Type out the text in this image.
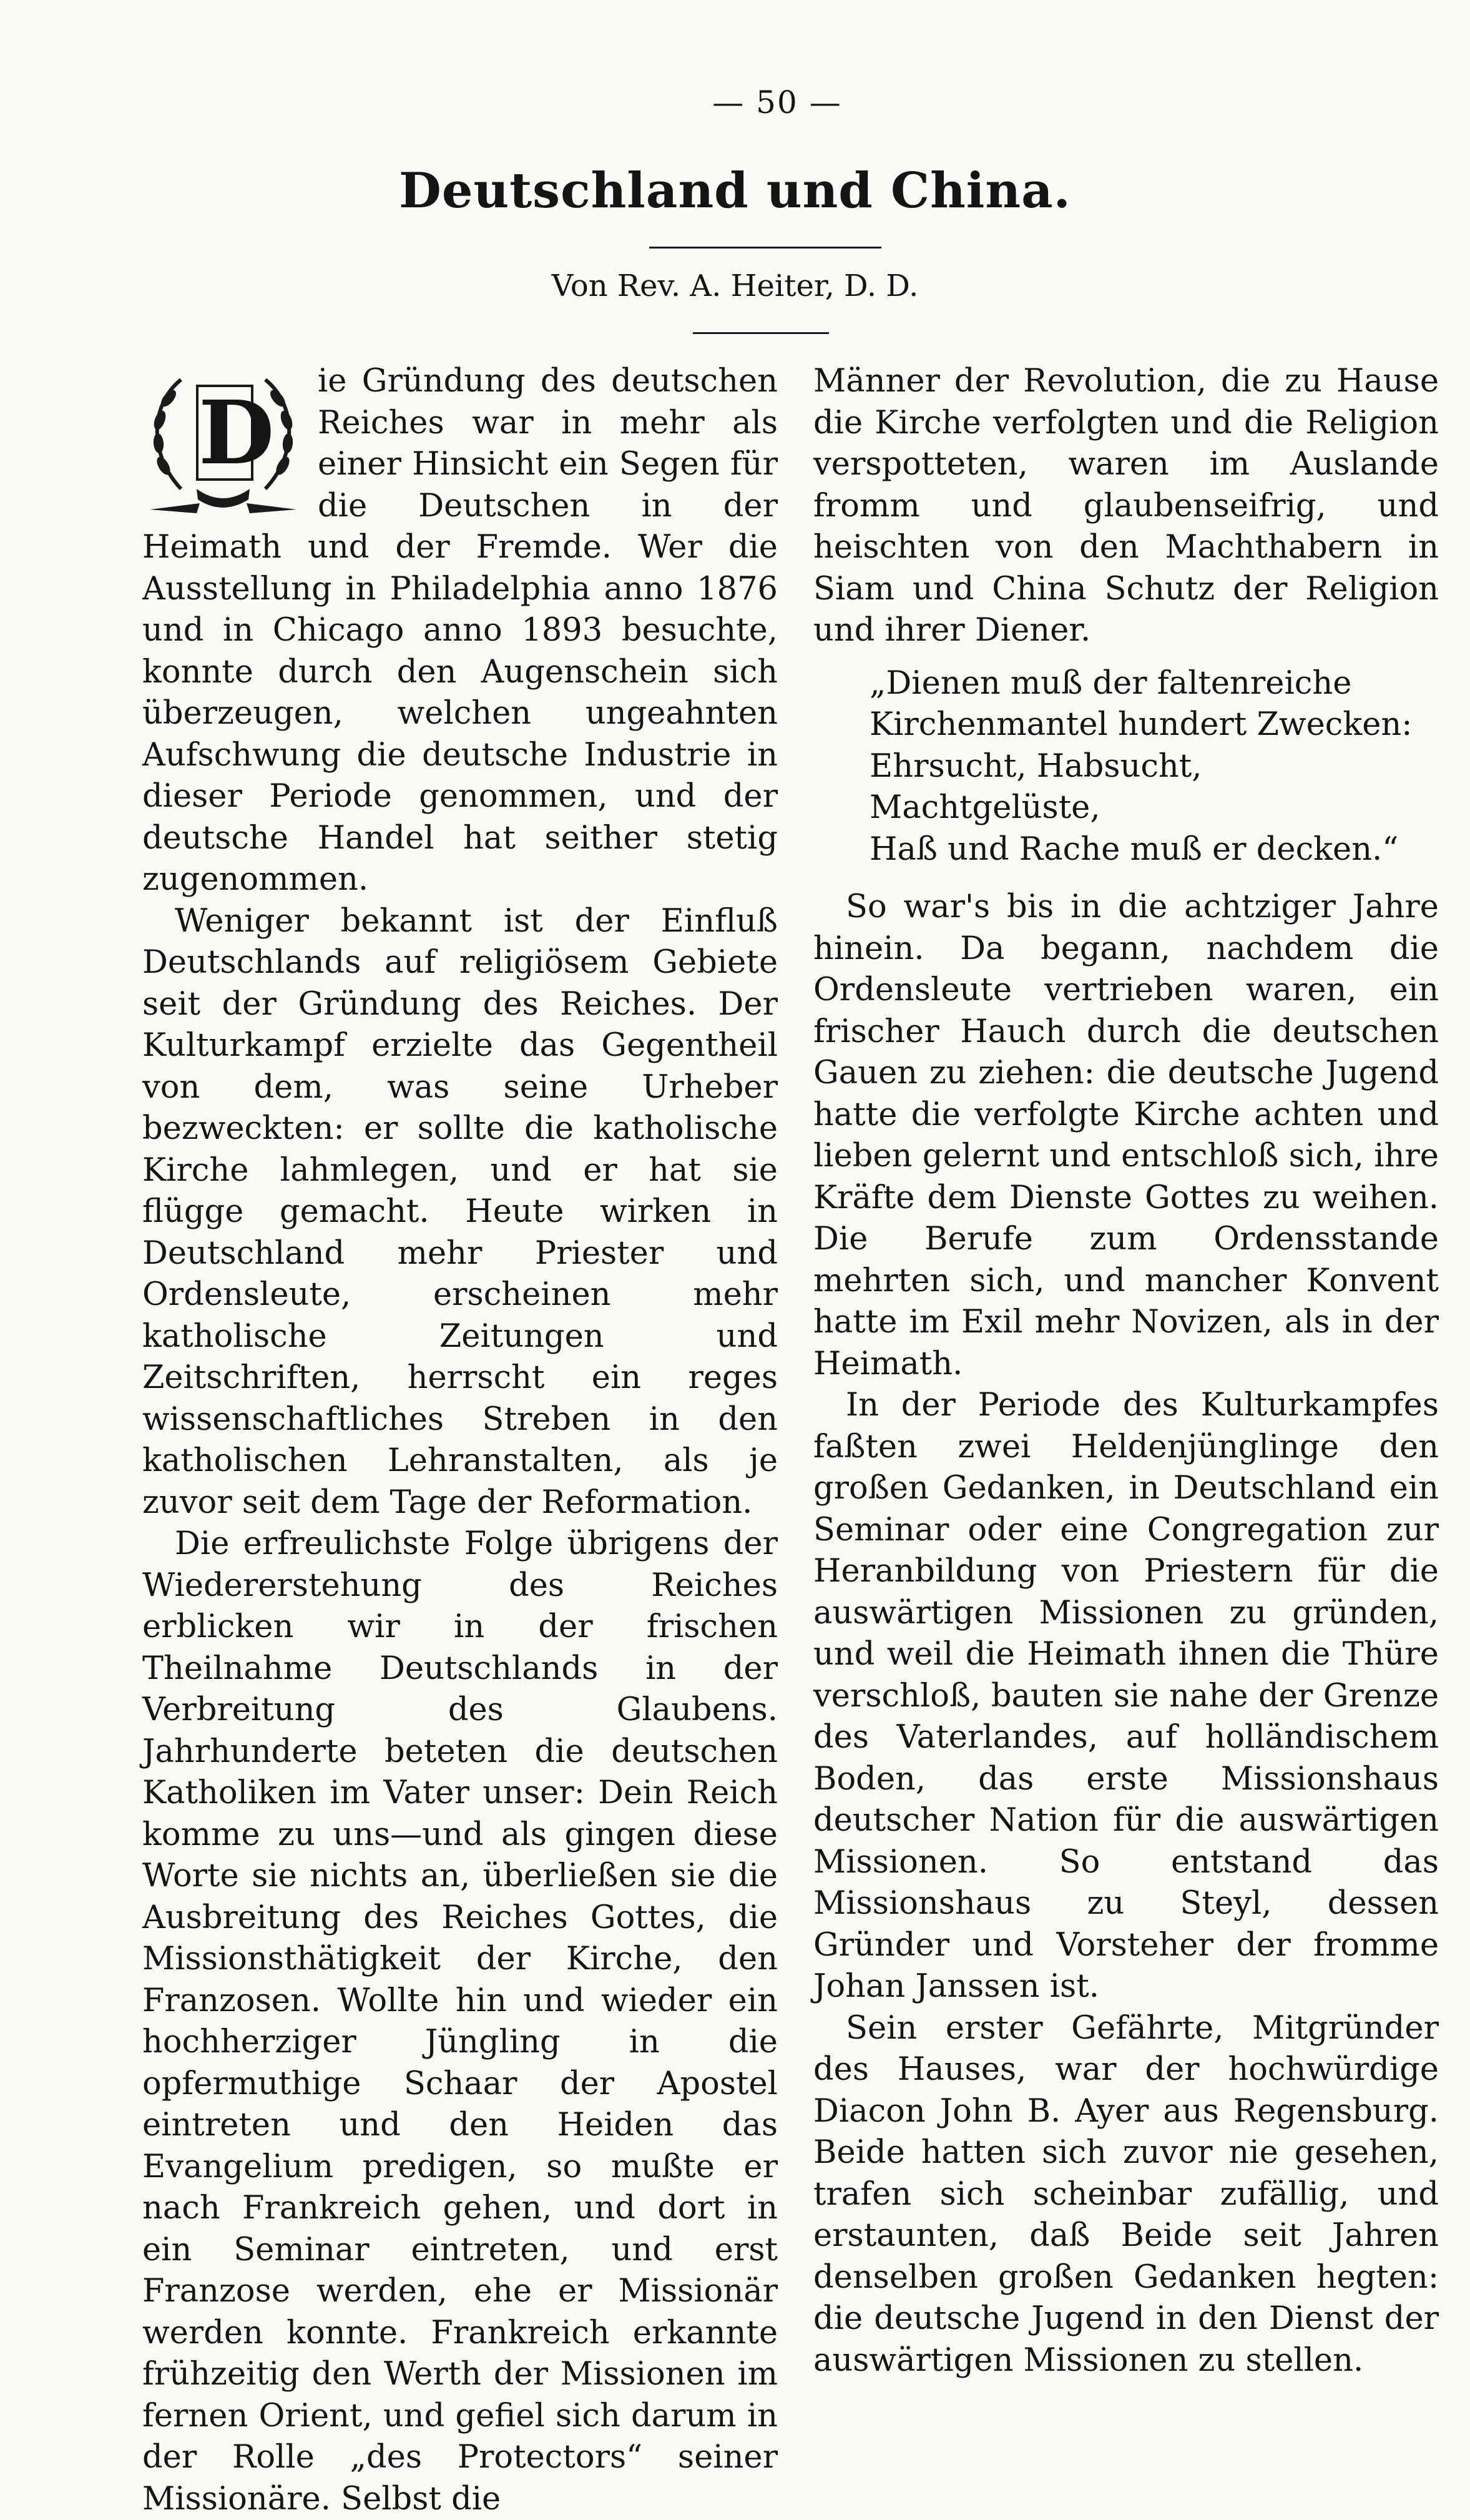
— 50 —
Deutschland und China.
Von Rev. A. Heiter, D. D.
D

ie Gründung des deutschen Reiches war in mehr als einer Hinsicht ein Segen für die Deutschen in der Heimath und der Fremde. Wer die Ausstellung in Philadelphia anno 1876 und in Chicago anno 1893 besuchte, konnte durch den Augenschein sich überzeugen, welchen ungeahnten Aufschwung die deutsche Industrie in dieser Periode genommen, und der deutsche Handel hat seither stetig zugenommen.

Weniger bekannt ist der Einfluß Deutschlands auf religiösem Gebiete seit der Gründung des Reiches. Der Kulturkampf erzielte das Gegentheil von dem, was seine Urheber bezweckten: er sollte die katholische Kirche lahmlegen, und er hat sie flügge gemacht. Heute wirken in Deutschland mehr Priester und Ordensleute, erscheinen mehr katholische Zeitungen und Zeitschriften, herrscht ein reges wissenschaftliches Streben in den katholischen Lehranstalten, als je zuvor seit dem Tage der Reformation.

Die erfreulichste Folge übrigens der Wiedererstehung des Reiches erblicken wir in der frischen Theilnahme Deutschlands in der Verbreitung des Glaubens. Jahrhunderte beteten die deutschen Katholiken im Vater unser: Dein Reich komme zu uns—und als gingen diese Worte sie nichts an, überließen sie die Ausbreitung des Reiches Gottes, die Missionsthätigkeit der Kirche, den Franzosen. Wollte hin und wieder ein hochherziger Jüngling in die opfermuthige Schaar der Apostel eintreten und den Heiden das Evangelium predigen, so mußte er nach Frankreich gehen, und dort in ein Seminar eintreten, und erst Franzose werden, ehe er Missionär werden konnte. Frankreich erkannte frühzeitig den Werth der Missionen im fernen Orient, und gefiel sich darum in der Rolle „des Protectors“ seiner Missionäre. Selbst die

Männer der Revolution, die zu Hause die Kirche verfolgten und die Religion verspotteten, waren im Auslande fromm und glaubenseifrig, und heischten von den Machthabern in Siam und China Schutz der Religion und ihrer Diener.

„Dienen muß der faltenreiche
Kirchenmantel hundert Zwecken:
Ehrsucht, Habsucht, Machtgelüste,
Haß und Rache muß er decken.“

So war's bis in die achtziger Jahre hinein. Da begann, nachdem die Ordensleute vertrieben waren, ein frischer Hauch durch die deutschen Gauen zu ziehen: die deutsche Jugend hatte die verfolgte Kirche achten und lieben gelernt und entschloß sich, ihre Kräfte dem Dienste Gottes zu weihen. Die Berufe zum Ordensstande mehrten sich, und mancher Konvent hatte im Exil mehr Novizen, als in der Heimath.

In der Periode des Kulturkampfes faßten zwei Heldenjünglinge den großen Gedanken, in Deutschland ein Seminar oder eine Congregation zur Heranbildung von Priestern für die auswärtigen Missionen zu gründen, und weil die Heimath ihnen die Thüre verschloß, bauten sie nahe der Grenze des Vaterlandes, auf holländischem Boden, das erste Missionshaus deutscher Nation für die auswärtigen Missionen. So entstand das Missionshaus zu Steyl, dessen Gründer und Vorsteher der fromme Johan Janssen ist.

Sein erster Gefährte, Mitgründer des Hauses, war der hochwürdige Diacon John B. Ayer aus Regensburg. Beide hatten sich zuvor nie gesehen, trafen sich scheinbar zufällig, und erstaunten, daß Beide seit Jahren denselben großen Gedanken hegten: die deutsche Jugend in den Dienst der auswärtigen Missionen zu stellen.
